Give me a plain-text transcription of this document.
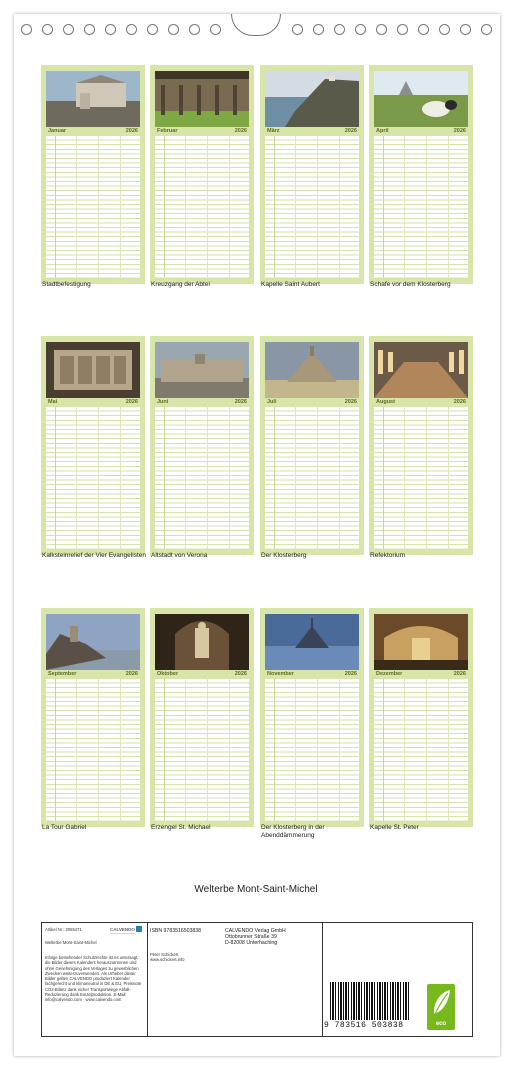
Januar	2026
Stadtbefestigung
Februar	2026
Kreuzgang der Abtei
März	2026
Kapelle Saint Aubert
April	2026
Schafe vor dem Klosterberg
Mai	2026
Kalksteinrelief der Vier Evangelisten
Juni	2026
Altstadt von Verona
Juli	2026
Der Klosterberg
August	2026
Refektorium
September	2026
La Tour Gabriel
Oktober	2026
Erzengel St. Michael
November	2026
Der Klosterberg in der Abenddämmerung
Dezember	2026
Kapelle St. Peter
Welterbe Mont-Saint-Michel
Artikel Nr.: 2065471	CALVENDO
Welterbe Mont-Saint-Michel
Infolge bestehender Schutzrechte ist es untersagt, die Bilder dieses Kalenders herauszutrennen und ohne Genehmigung des Verlages zu gewerblichen Zwecken weiterzuverwenden. Als Urheber dieser Bilder gelten CALVENDO produziert Kalender fachgerecht und klimaneutral in DE & EU. Preisnote CO2-Bilanz dank sicher Transportwege Abfall-Reduzierung dank Einzelproduktion. E-Mail: info@calvendo.com · www.calvendo.com
ISBN 9783516503838
Peter Schickert
www.schickert.info
CALVENDO Verlag GmbH
Ottobrunner Straße 39
D-82008 Unterhaching
9 783516 503838	eco
